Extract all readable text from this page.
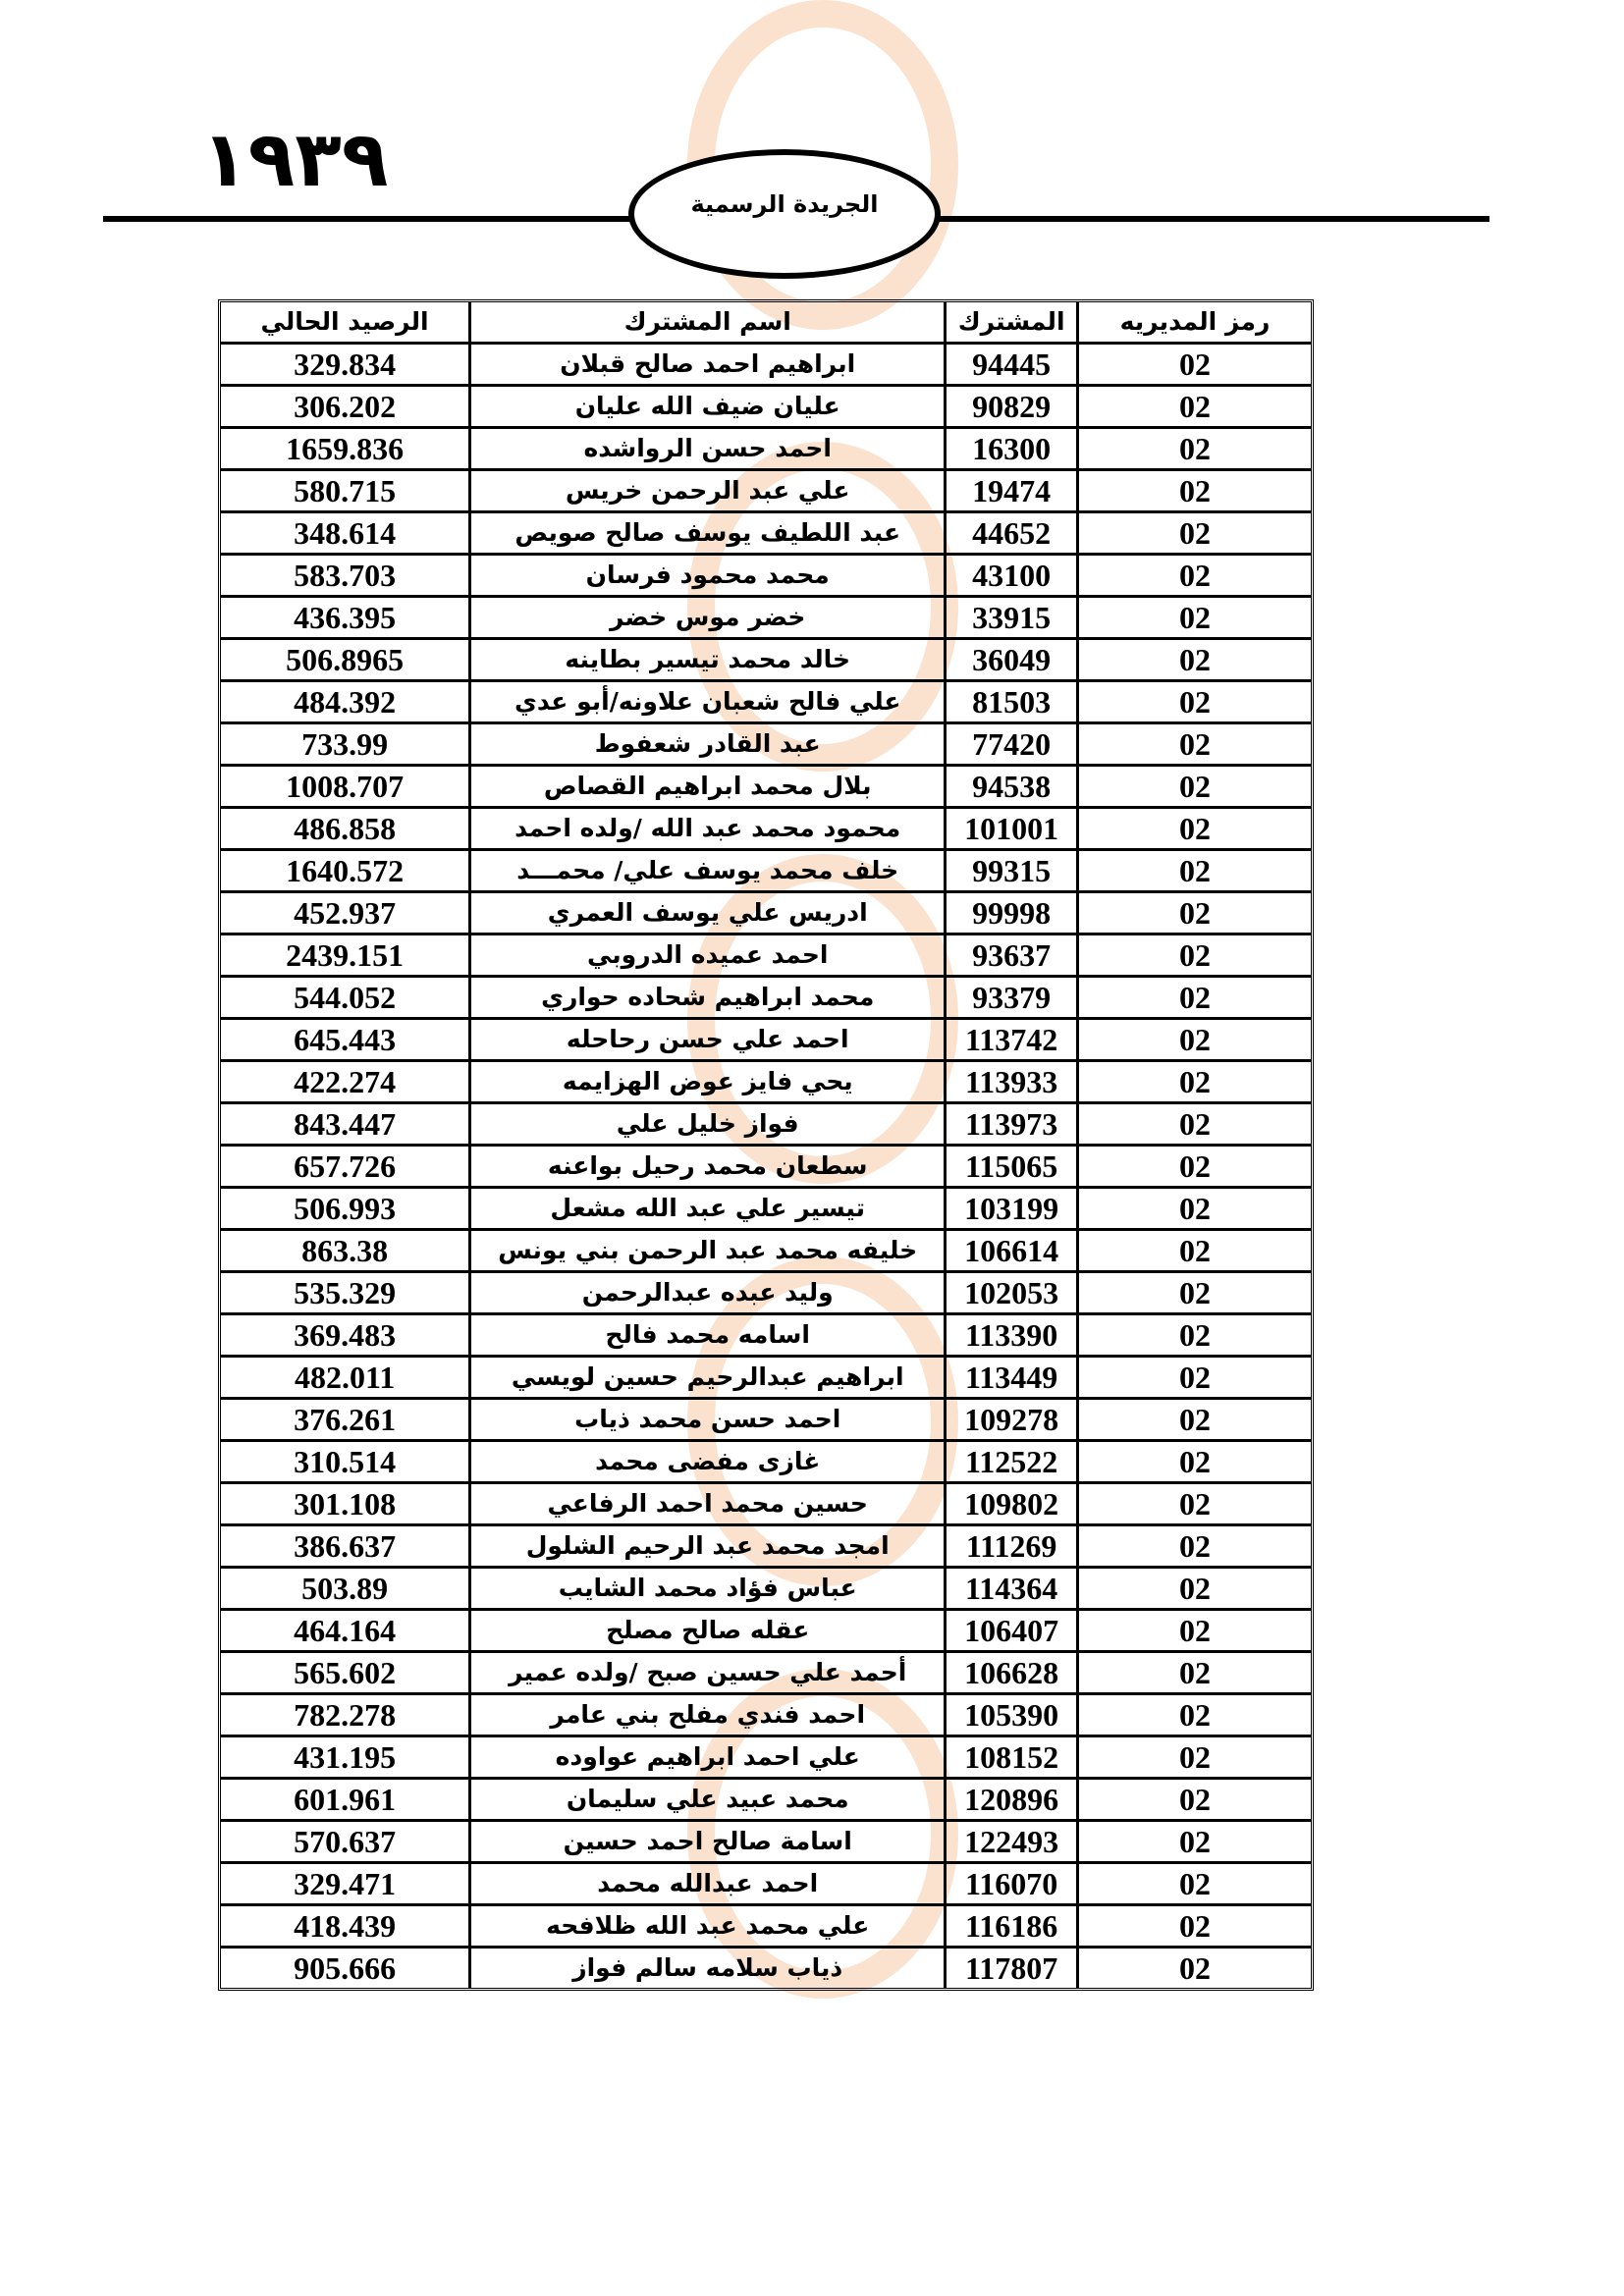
١٩٣٩	الجريدة الرسمية
رمز المديريه	المشترك	اسم المشترك	الرصيد الحالي
02	94445	ابراهيم احمد صالح قبلان	329.834
02	90829	عليان ضيف الله عليان	306.202
02	16300	احمد حسن الرواشده	1659.836
02	19474	علي عبد الرحمن خريس	580.715
02	44652	عبد اللطيف يوسف صالح صويص	348.614
02	43100	محمد محمود فرسان	583.703
02	33915	خضر موس خضر	436.395
02	36049	خالد محمد تيسير بطاينه	506.8965
02	81503	علي فالح شعبان علاونه/أبو عدي	484.392
02	77420	عبد القادر شعفوط	733.99
02	94538	بلال محمد ابراهيم القصاص	1008.707
02	101001	محمود محمد عبد الله /ولده احمد	486.858
02	99315	خلف محمد يوسف علي/ محمـــد	1640.572
02	99998	ادريس علي يوسف العمري	452.937
02	93637	احمد عميده الدروبي	2439.151
02	93379	محمد ابراهيم شحاده حواري	544.052
02	113742	احمد علي حسن رحاحله	645.443
02	113933	يحي فايز عوض الهزايمه	422.274
02	113973	فواز خليل علي	843.447
02	115065	سطعان محمد رحيل بواعنه	657.726
02	103199	تيسير علي عبد الله مشعل	506.993
02	106614	خليفه محمد عبد الرحمن بني يونس	863.38
02	102053	وليد عبده عبدالرحمن	535.329
02	113390	اسامه محمد فالح	369.483
02	113449	ابراهيم عبدالرحيم حسين لويسي	482.011
02	109278	احمد حسن محمد ذياب	376.261
02	112522	غازى مفضى محمد	310.514
02	109802	حسين محمد احمد الرفاعي	301.108
02	111269	امجد محمد عبد الرحيم الشلول	386.637
02	114364	عباس فؤاد محمد الشايب	503.89
02	106407	عقله صالح مصلح	464.164
02	106628	أحمد علي حسين صبح /ولده عمير	565.602
02	105390	احمد فندي مفلح بني عامر	782.278
02	108152	علي احمد ابراهيم عواوده	431.195
02	120896	محمد عبيد علي سليمان	601.961
02	122493	اسامة صالح احمد حسين	570.637
02	116070	احمد عبدالله محمد	329.471
02	116186	علي محمد عبد الله ظلافحه	418.439
02	117807	ذياب سلامه سالم فواز	905.666
